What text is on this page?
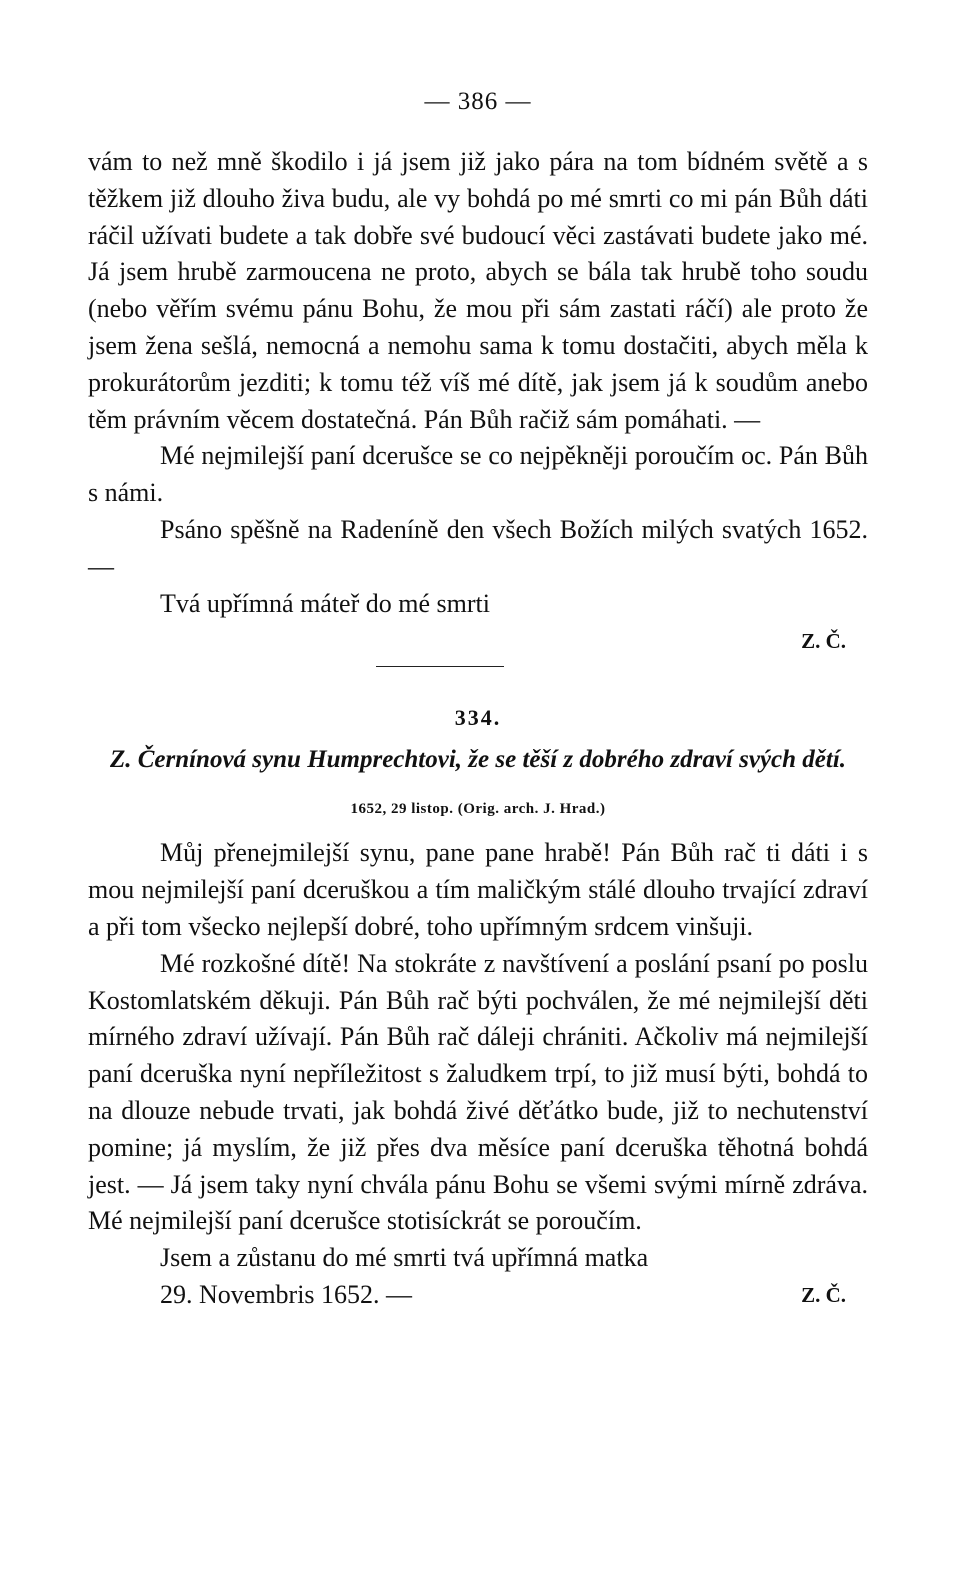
— 386 —

vám to než mně škodilo i já jsem již jako pára na tom bídném světě a s těžkem již dlouho živa budu, ale vy bohdá po mé smrti co mi pán Bůh dáti ráčil užívati budete a tak dobře své budoucí věci zastávati budete jako mé. Já jsem hrubě zarmoucena ne proto, abych se bála tak hrubě toho soudu (nebo věřím svému pánu Bohu, že mou při sám zastati ráčí) ale proto že jsem žena sešlá, nemocná a nemohu sama k tomu dostačiti, abych měla k prokurátorům jezditi; k tomu též víš mé dítě, jak jsem já k soudům anebo těm právním věcem dostatečná. Pán Bůh račiž sám pomáhati. —

Mé nejmilejší paní dcerušce se co nejpěkněji poroučím oc. Pán Bůh s námi.

Psáno spěšně na Radeníně den všech Božích milých svatých 1652. —

Tvá upřímná máteř do mé smrti

Z. Č.
334.
Z. Černínová synu Humprechtovi, že se těší z dobrého zdraví svých dětí.
1652, 29 listop. (Orig. arch. J. Hrad.)

Můj přenejmilejší synu, pane pane hrabě! Pán Bůh rač ti dáti i s mou nejmilejší paní dceruškou a tím maličkým stálé dlouho trvající zdraví a při tom všecko nejlepší dobré, toho upřímným srdcem vinšuji.

Mé rozkošné dítě! Na stokráte z navštívení a poslání psaní po poslu Kostomlatském děkuji. Pán Bůh rač býti pochválen, že mé nejmilejší děti mírného zdraví užívají. Pán Bůh rač dáleji chrániti. Ačkoliv má nejmilejší paní dceruška nyní nepříležitost s žaludkem trpí, to již musí býti, bohdá to na dlouze nebude trvati, jak bohdá živé děťátko bude, již to nechutenství pomine; já myslím, že již přes dva měsíce paní dceruška těhotná bohdá jest. — Já jsem taky nyní chvála pánu Bohu se všemi svými mírně zdráva. Mé nejmilejší paní dcerušce stotisíckrát se poroučím.

Jsem a zůstanu do mé smrti tvá upřímná matka

29. Novembris 1652. —	Z. Č.
